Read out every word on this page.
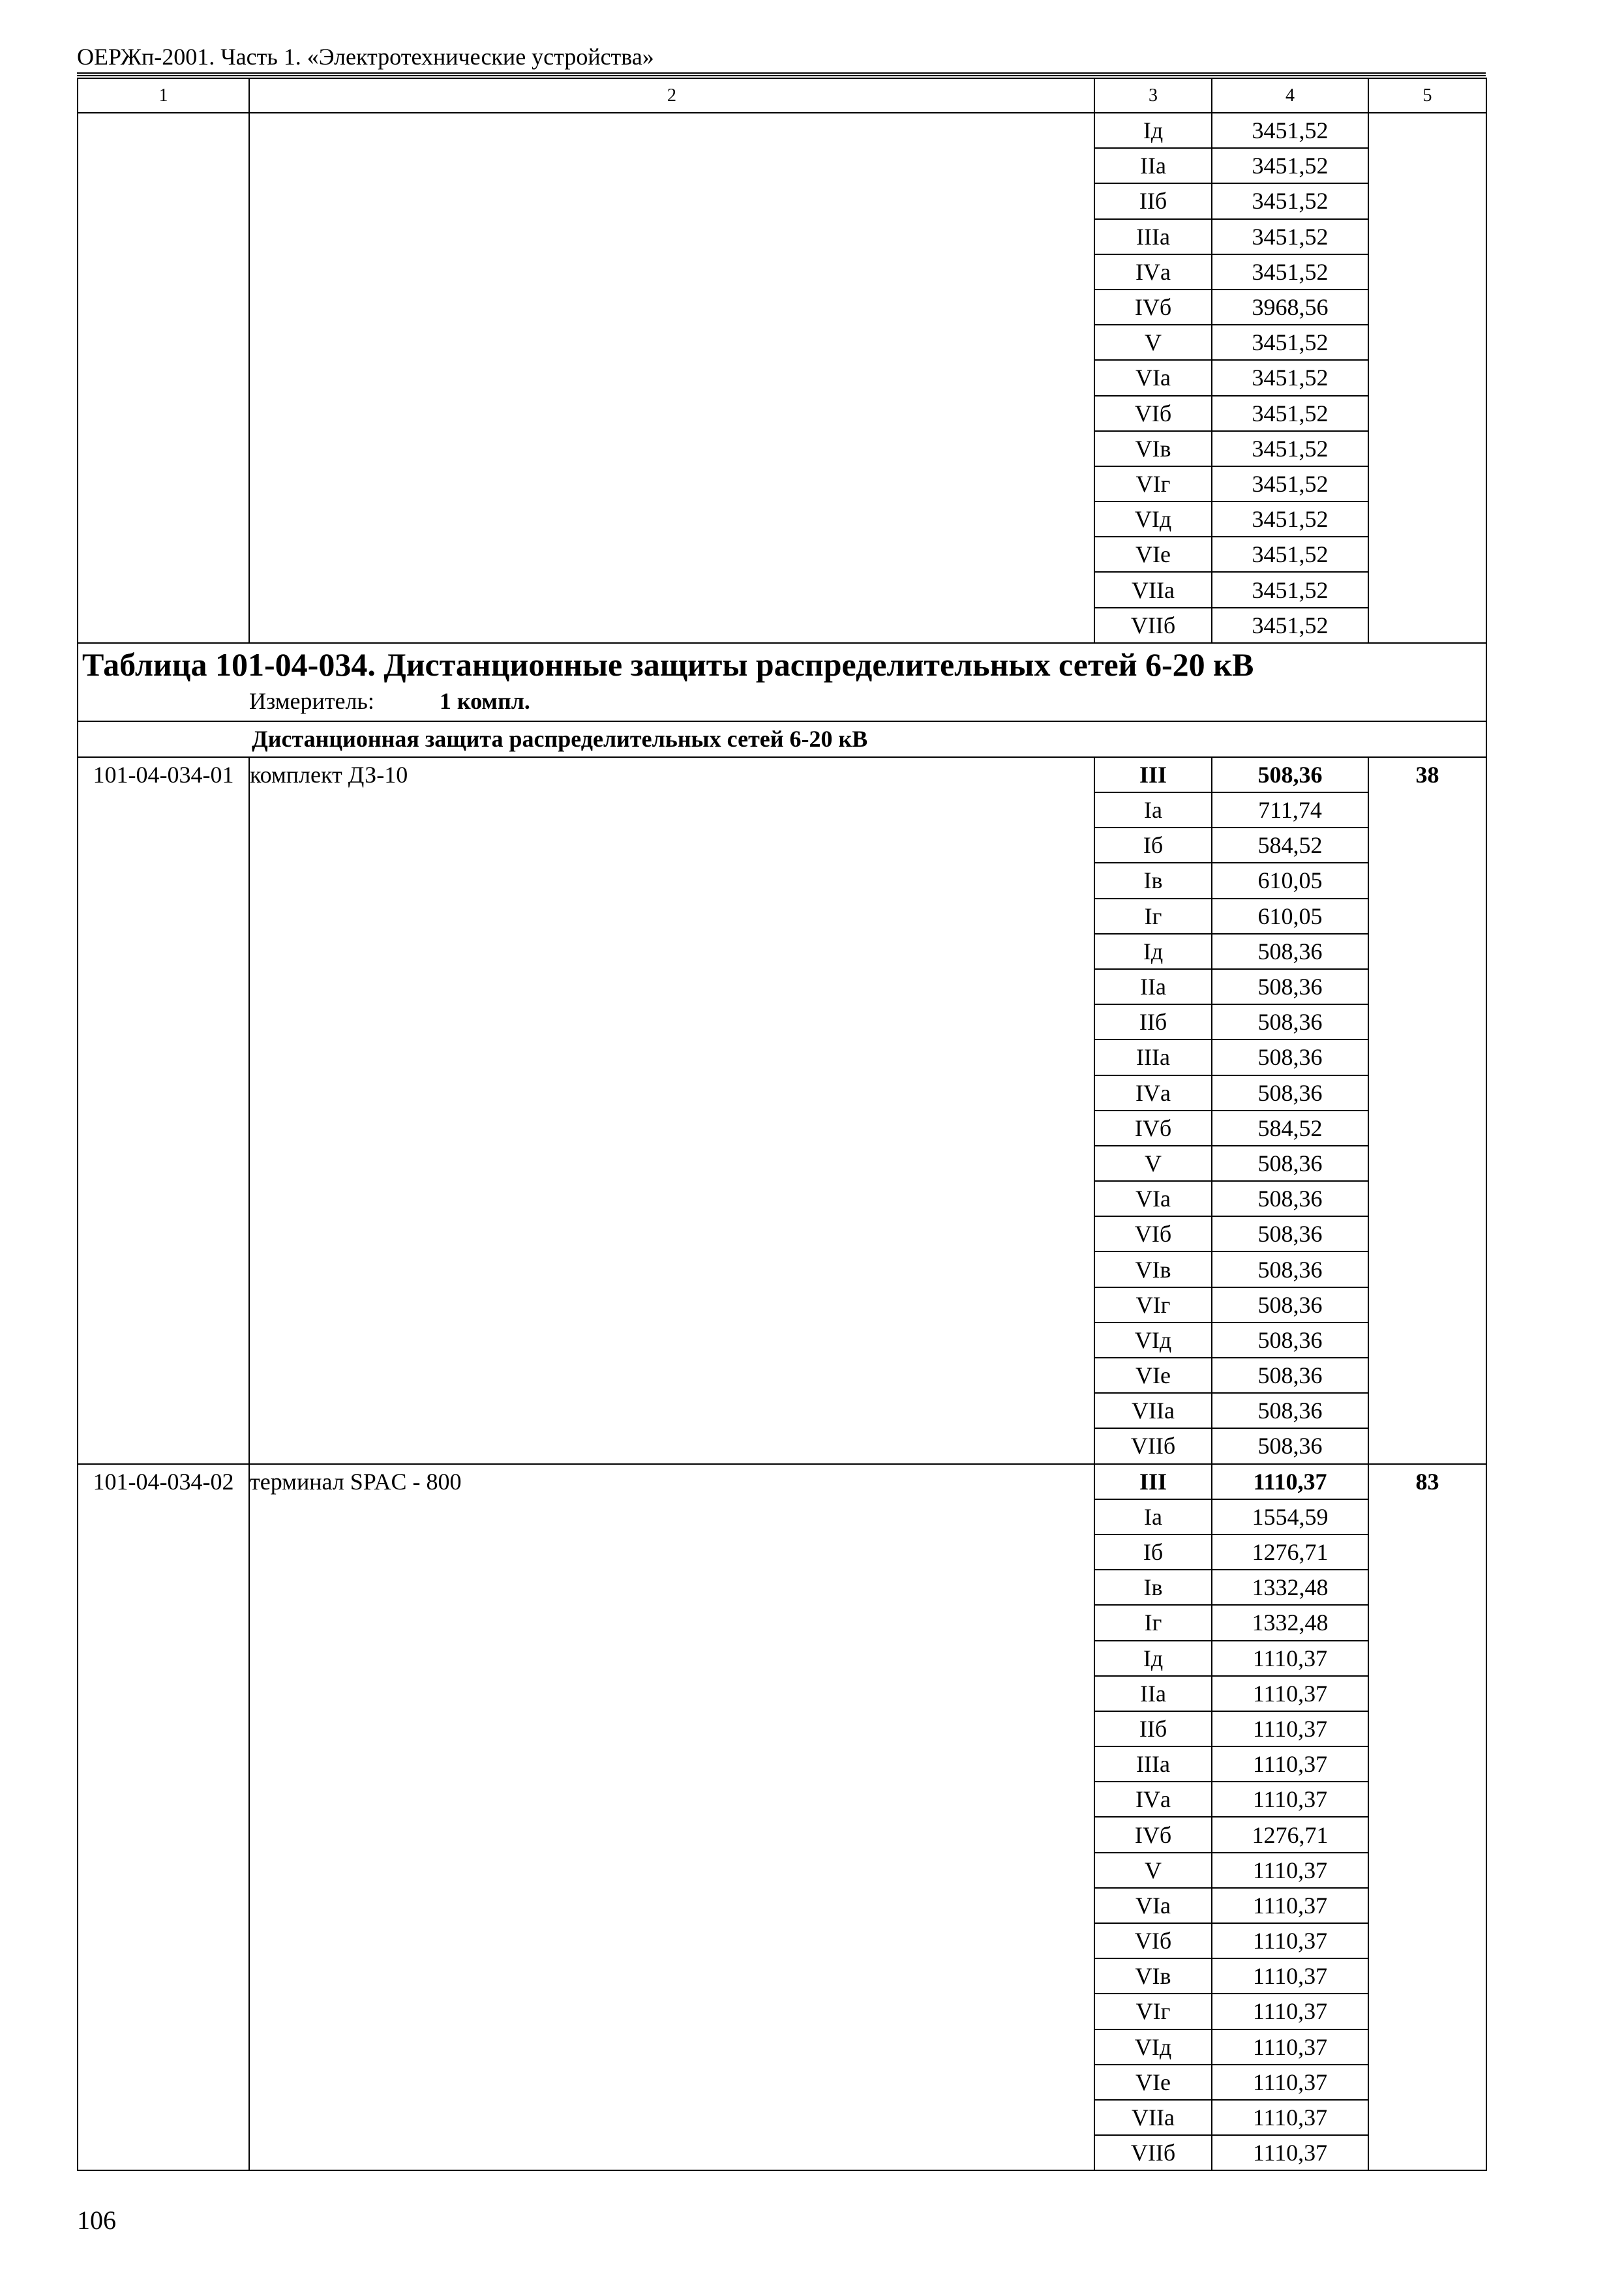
ОЕРЖп-2001. Часть 1. «Электротехнические устройства»
1	2	3	4	5
		Iд	3451,52	
		IIа	3451,52	
		IIб	3451,52	
		IIIа	3451,52	
		IVа	3451,52	
		IVб	3968,56	
		V	3451,52	
		VIа	3451,52	
		VIб	3451,52	
		VIв	3451,52	
		VIг	3451,52	
		VIд	3451,52	
		VIе	3451,52	
		VIIа	3451,52	
		VIIб	3451,52	

Таблица 101-04-034. Дистанционные защиты распределительных сетей 6-20 кВ
Измеритель: 1 компл.				

Дистанционная защита распределительных сетей 6-20 кВ				

101-04-034-01	комплект ДЗ-10	III	508,36	38
		Iа	711,74	
		Iб	584,52	
		Iв	610,05	
		Iг	610,05	
		Iд	508,36	
		IIа	508,36	
		IIб	508,36	
		IIIа	508,36	
		IVа	508,36	
		IVб	584,52	
		V	508,36	
		VIа	508,36	
		VIб	508,36	
		VIв	508,36	
		VIг	508,36	
		VIд	508,36	
		VIе	508,36	
		VIIа	508,36	
		VIIб	508,36	
101-04-034-02	терминал SPAC - 800	III	1110,37	83
		Iа	1554,59	
		Iб	1276,71	
		Iв	1332,48	
		Iг	1332,48	
		Iд	1110,37	
		IIа	1110,37	
		IIб	1110,37	
		IIIа	1110,37	
		IVа	1110,37	
		IVб	1276,71	
		V	1110,37	
		VIа	1110,37	
		VIб	1110,37	
		VIв	1110,37	
		VIг	1110,37	
		VIд	1110,37	
		VIе	1110,37	
		VIIа	1110,37	
		VIIб	1110,37	
106
